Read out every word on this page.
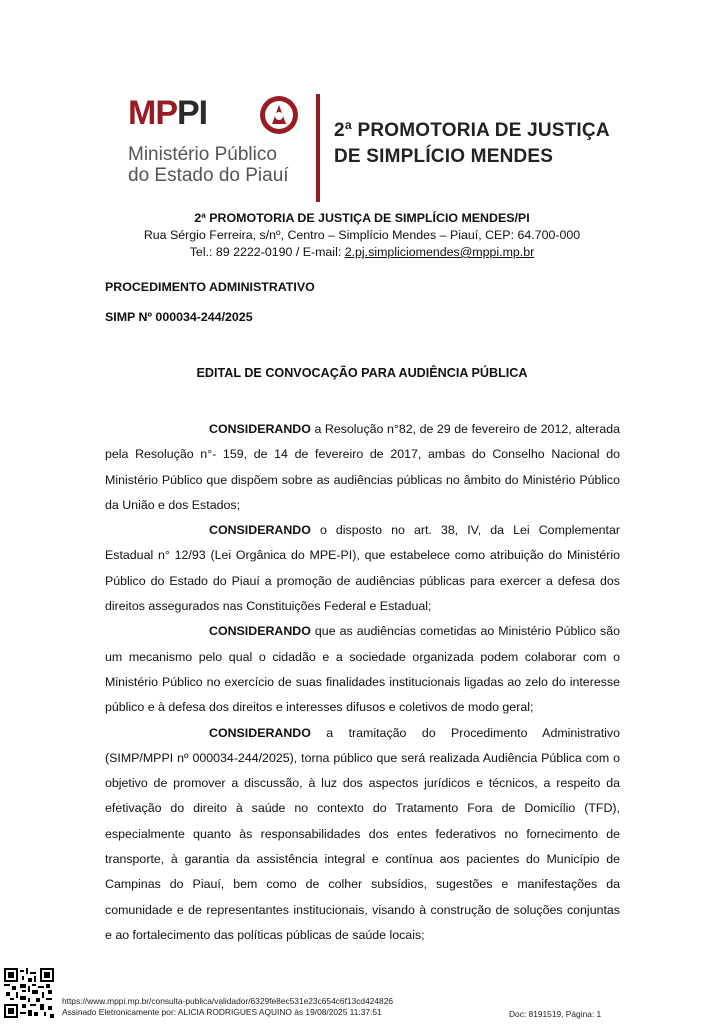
MPPI
Ministério Público
do Estado do Piauí
2ª PROMOTORIA DE JUSTIÇA
DE SIMPLÍCIO MENDES
2ª PROMOTORIA DE JUSTIÇA DE SIMPLÍCIO MENDES/PI
Rua Sérgio Ferreira, s/nº, Centro – Simplício Mendes – Piauí, CEP: 64.700-000
Tel.: 89 2222-0190 / E-mail: 2.pj.simpliciomendes@mppi.mp.br
PROCEDIMENTO ADMINISTRATIVO
SIMP Nº 000034-244/2025
EDITAL DE CONVOCAÇÃO PARA AUDIÊNCIA PÚBLICA

CONSIDERANDO a Resolução n°82, de 29 de fevereiro de 2012, alterada pela Resolução n°- 159, de 14 de fevereiro de 2017, ambas do Conselho Nacional do Ministério Público que dispõem sobre as audiências públicas no âmbito do Ministério Público da União e dos Estados;

CONSIDERANDO o disposto no art. 38, IV, da Lei Complementar Estadual n° 12/93 (Lei Orgânica do MPE-PI), que estabelece como atribuição do Ministério Público do Estado do Piauí a promoção de audiências públicas para exercer a defesa dos direitos assegurados nas Constituições Federal e Estadual;

CONSIDERANDO que as audiências cometidas ao Ministério Público são um mecanismo pelo qual o cidadão e a sociedade organizada podem colaborar com o Ministério Público no exercício de suas finalidades institucionais ligadas ao zelo do interesse público e à defesa dos direitos e interesses difusos e coletivos de modo geral;

CONSIDERANDO a tramitação do Procedimento Administrativo (SIMP/MPPI nº 000034-244/2025), torna público que será realizada Audiência Pública com o objetivo de promover a discussão, à luz dos aspectos jurídicos e técnicos, a respeito da efetivação do direito à saúde no contexto do Tratamento Fora de Domicílio (TFD), especialmente quanto às responsabilidades dos entes federativos no fornecimento de transporte, à garantia da assistência integral e contínua aos pacientes do Município de Campinas do Piauí, bem como de colher subsídios, sugestões e manifestações da comunidade e de representantes institucionais, visando à construção de soluções conjuntas e ao fortalecimento das políticas públicas de saúde locais;

https://www.mppi.mp.br/consulta-publica/validador/6329fe8ec531e23c654c6f13cd424826
Assinado Eletronicamente por: ALICIA RODRIGUES AQUINO às 19/08/2025 11:37:51	Doc: 8191519, Página: 1
